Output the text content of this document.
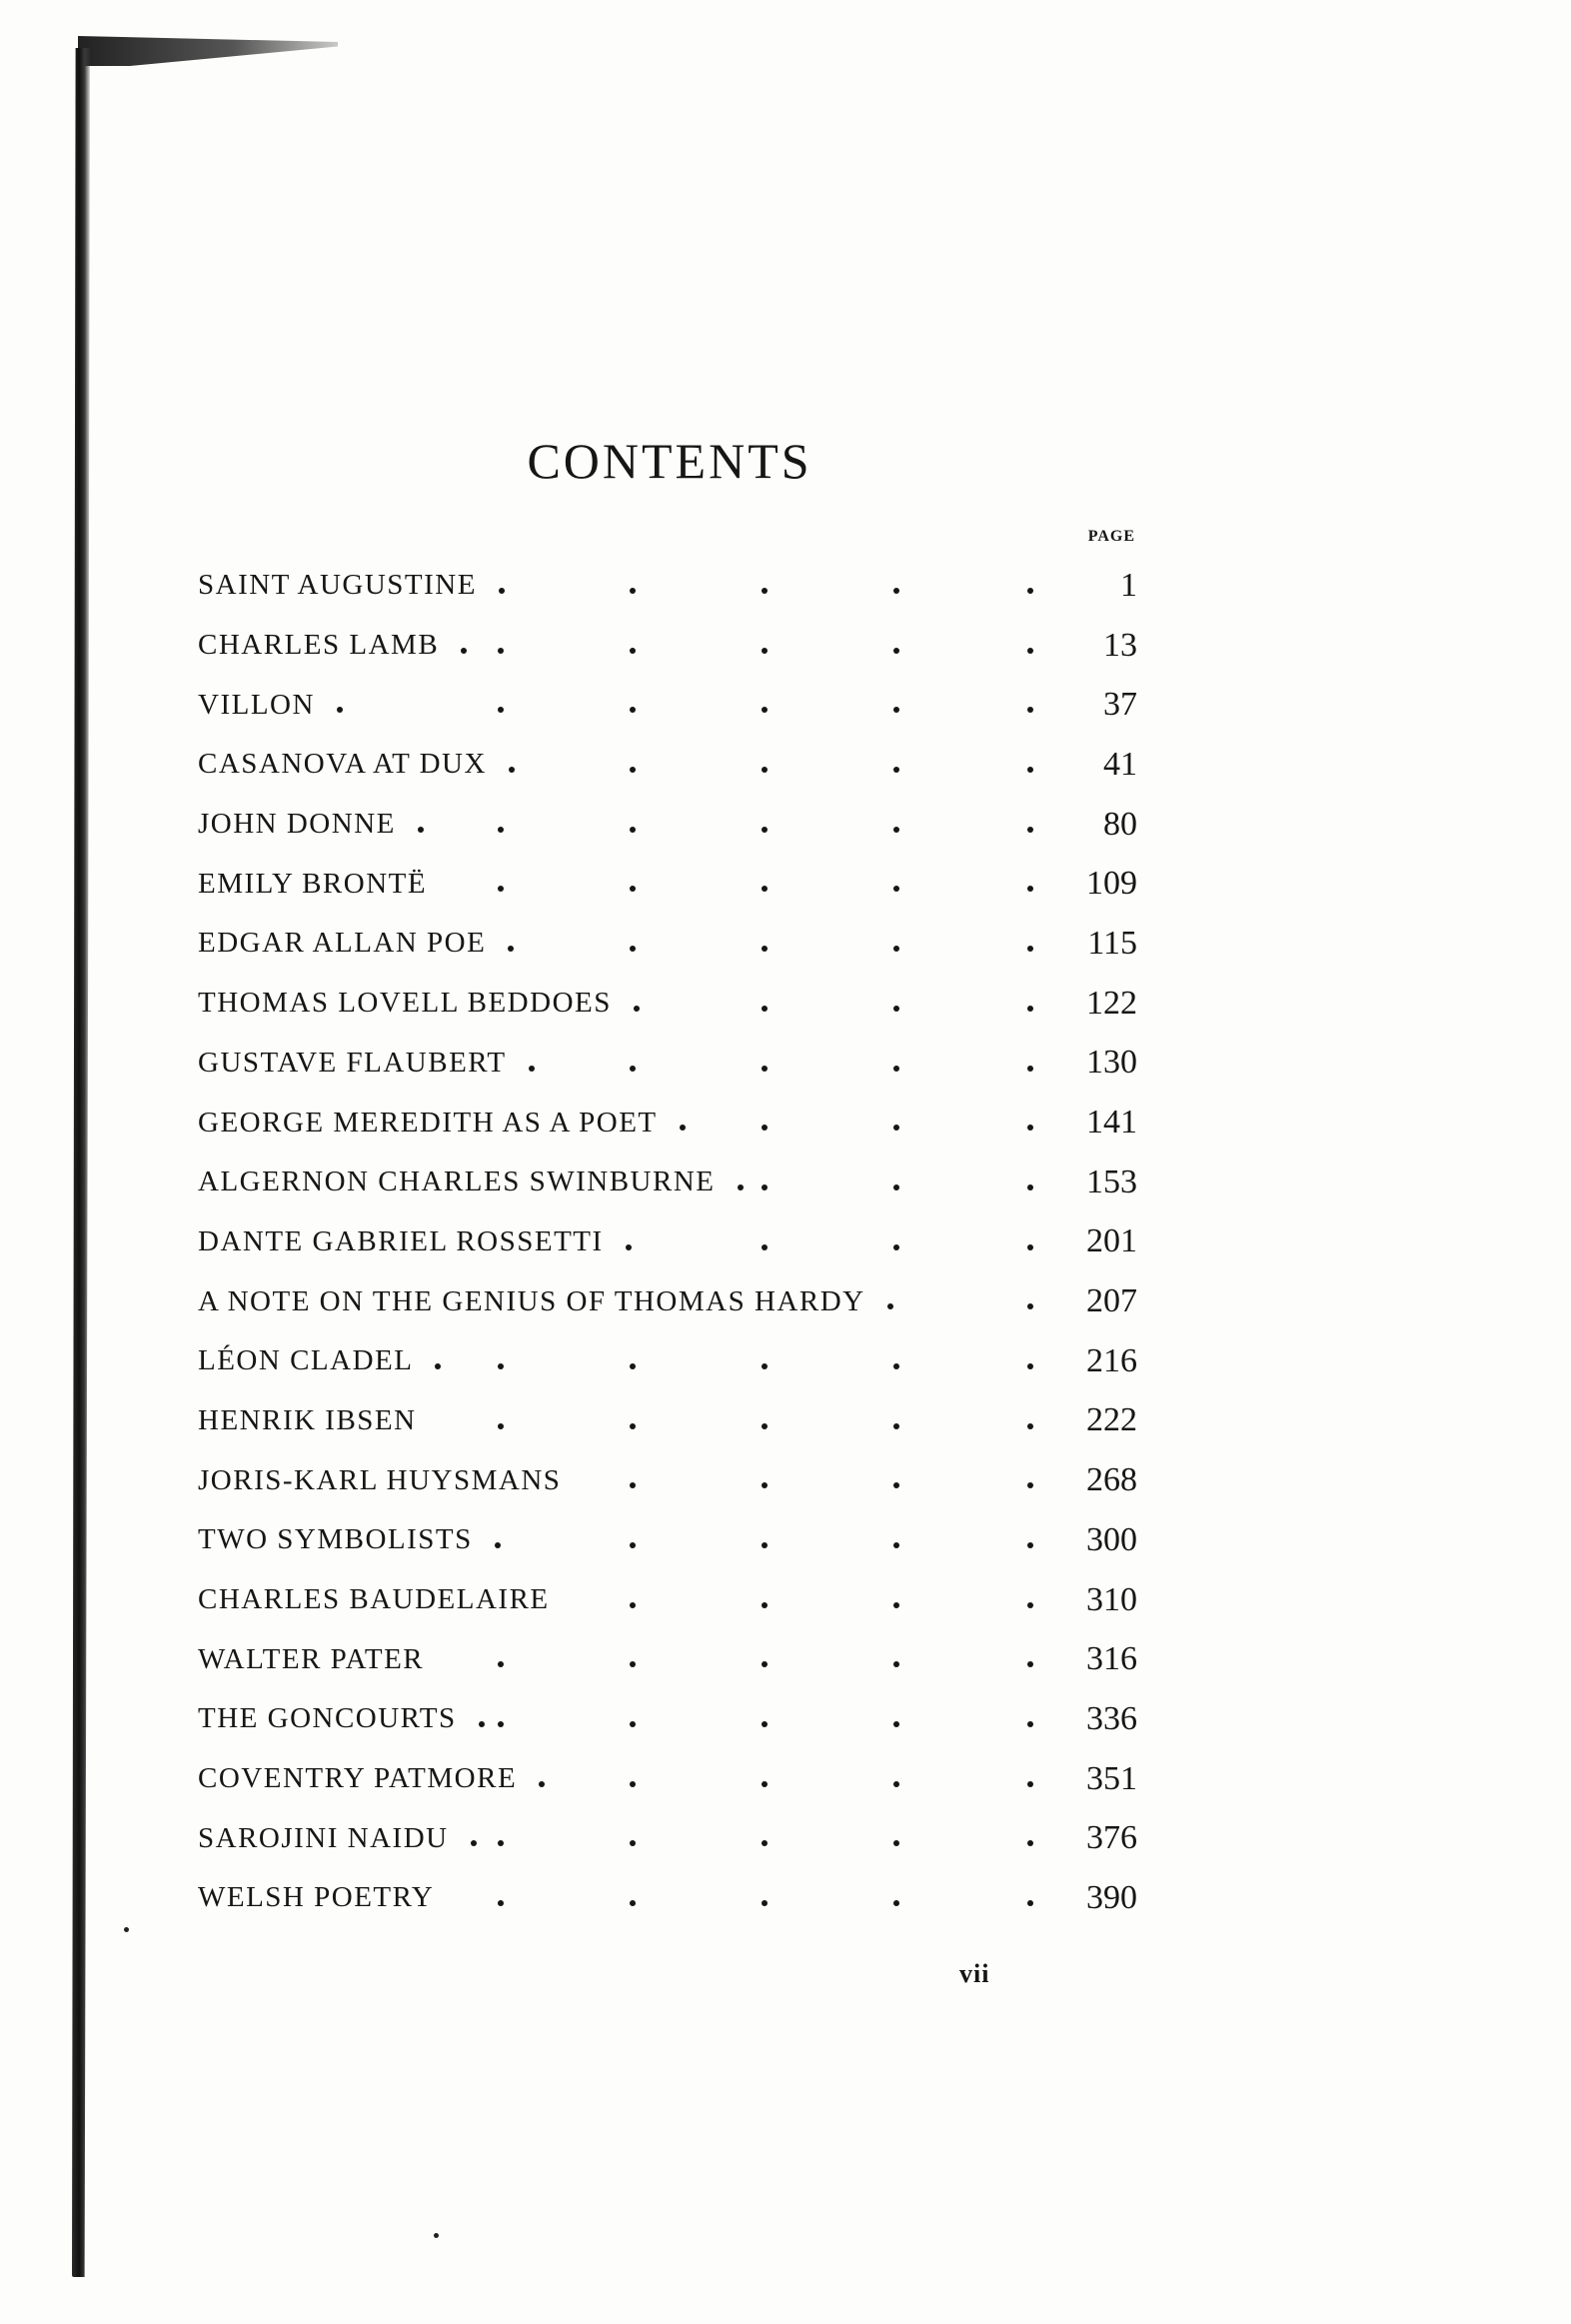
CONTENTS
PAGE
SAINT AUGUSTINE	1
CHARLES LAMB	13
VILLON	37
CASANOVA AT DUX	41
JOHN DONNE	80
EMILY BRONTË	109
EDGAR ALLAN POE	115
THOMAS LOVELL BEDDOES	122
GUSTAVE FLAUBERT	130
GEORGE MEREDITH AS A POET	141
ALGERNON CHARLES SWINBURNE	153
DANTE GABRIEL ROSSETTI	201
A NOTE ON THE GENIUS OF THOMAS HARDY	207
LÉON CLADEL	216
HENRIK IBSEN	222
JORIS-KARL HUYSMANS	268
TWO SYMBOLISTS	300
CHARLES BAUDELAIRE	310
WALTER PATER	316
THE GONCOURTS	336
COVENTRY PATMORE	351
SAROJINI NAIDU	376
WELSH POETRY	390
vii
